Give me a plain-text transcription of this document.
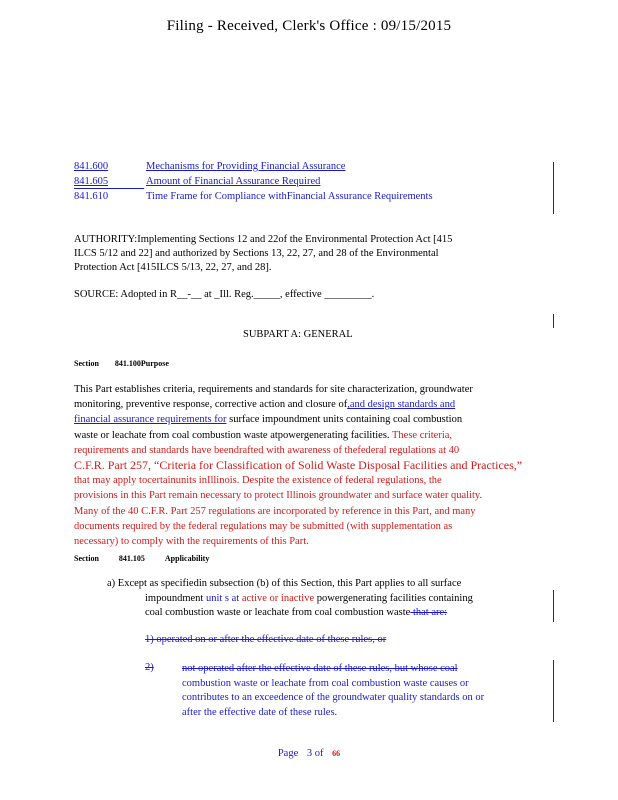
Filing - Received, Clerk's Office : 09/15/2015
841.600	Mechanisms for Providing Financial Assurance
841.605	Amount of Financial Assurance Required
841.610	Time Frame for Compliance withFinancial Assurance Requirements
AUTHORITY:Implementing Sections 12 and 22of the Environmental Protection Act [415
ILCS 5/12 and 22] and authorized by Sections 13, 22, 27, and 28 of the Environmental
Protection Act [415ILCS 5/13, 22, 27, and 28].
SOURCE: Adopted in R__-__ at _Ill. Reg._____, effective _________.
SUBPART A: GENERAL
Section 841.100Purpose
This Part establishes criteria, requirements and standards for site characterization, groundwater
monitoring, preventive response, corrective action and closure of,and design standards and
financial assurance requirements for surface impoundment units containing coal combustion
waste or leachate from coal combustion waste atpowergenerating facilities. These criteria,
requirements and standards have beendrafted with awareness of thefederal regulations at 40
C.F.R. Part 257, “Criteria for Classification of Solid Waste Disposal Facilities and Practices,”
that may apply tocertainunits inIllinois. Despite the existence of federal regulations, the
provisions in this Part remain necessary to protect Illinois groundwater and surface water quality.
Many of the 40 C.F.R. Part 257 regulations are incorporated by reference in this Part, and many
documents required by the federal regulations may be submitted (with supplementation as
necessary) to comply with the requirements of this Part.
Section	841.105	Applicability
a) Except as specifiedin subsection (b) of this Section, this Part applies to all surface
impoundment unit s at active or inactive powergenerating facilities containing
coal combustion waste or leachate from coal combustion waste that are:
1) operated on or after the effective date of these rules, or
2)	not operated after the effective date of these rules, but whose coal
combustion waste or leachate from coal combustion waste causes or
contributes to an exceedence of the groundwater quality standards on or
after the effective date of these rules.
Page 3 of 66
